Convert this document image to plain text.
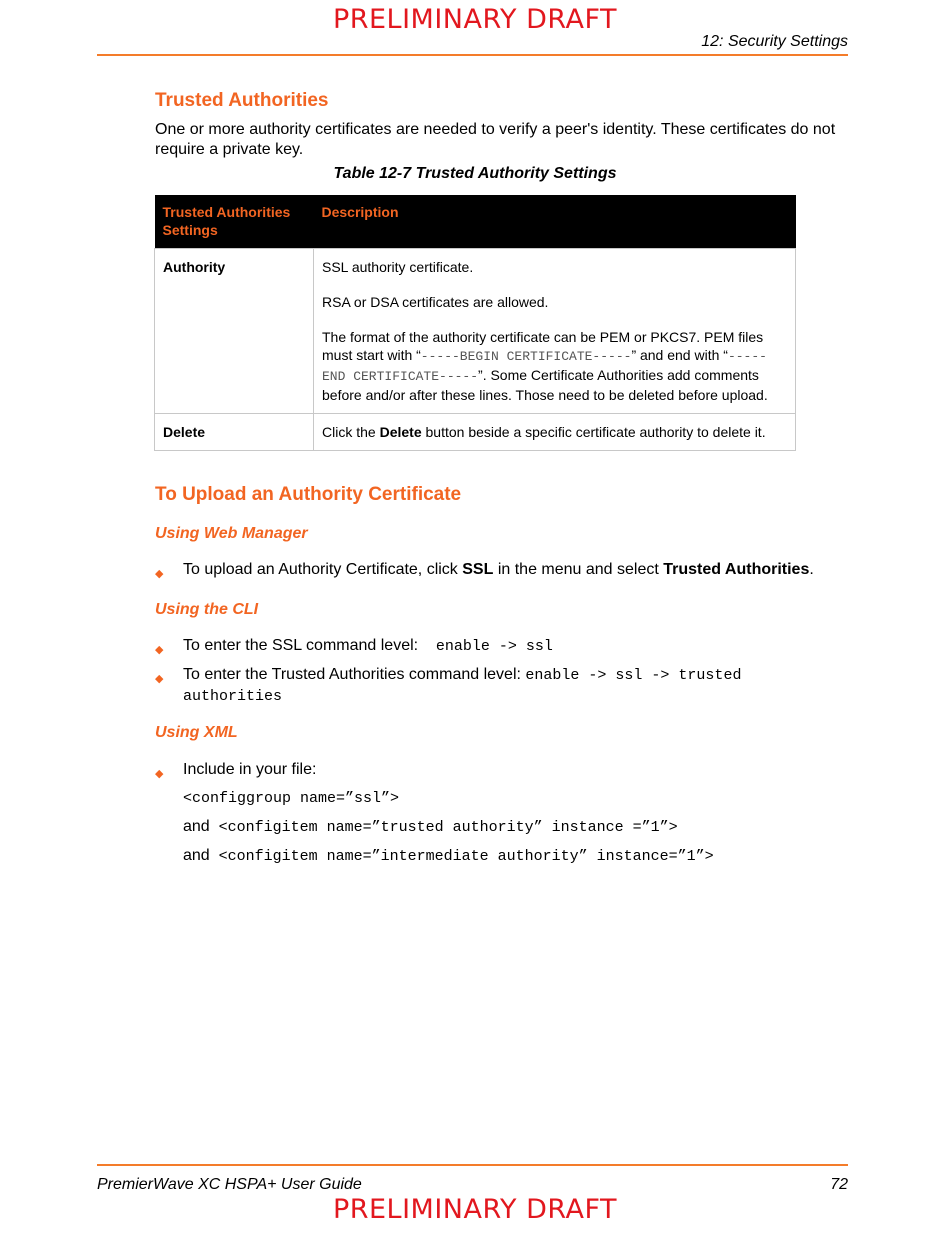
PRELIMINARY DRAFT
12: Security Settings
Trusted Authorities
One or more authority certificates are needed to verify a peer's identity. These certificates do not require a private key.
Table 12-7 Trusted Authority Settings
Trusted Authorities Settings	Description
Authority	SSL authority certificate.

RSA or DSA certificates are allowed.

The format of the authority certificate can be PEM or PKCS7. PEM files must start with “-----BEGIN CERTIFICATE-----” and end with “-----END CERTIFICATE-----”. Some Certificate Authorities add comments before and/or after these lines. Those need to be deleted before upload.

Delete	Click the Delete button beside a specific certificate authority to delete it.
To Upload an Authority Certificate
Using Web Manager
◆ To upload an Authority Certificate, click SSL in the menu and select Trusted Authorities.
Using the CLI
◆ To enter the SSL command level: enable -> ssl
◆ To enter the Trusted Authorities command level: enable -> ssl -> trusted
authorities
Using XML
◆ Include in your file:
<configgroup name=”ssl”>
and <configitem name=”trusted authority” instance =”1”>
and <configitem name=”intermediate authority” instance=”1”>
PremierWave XC HSPA+ User Guide	72
PRELIMINARY DRAFT
